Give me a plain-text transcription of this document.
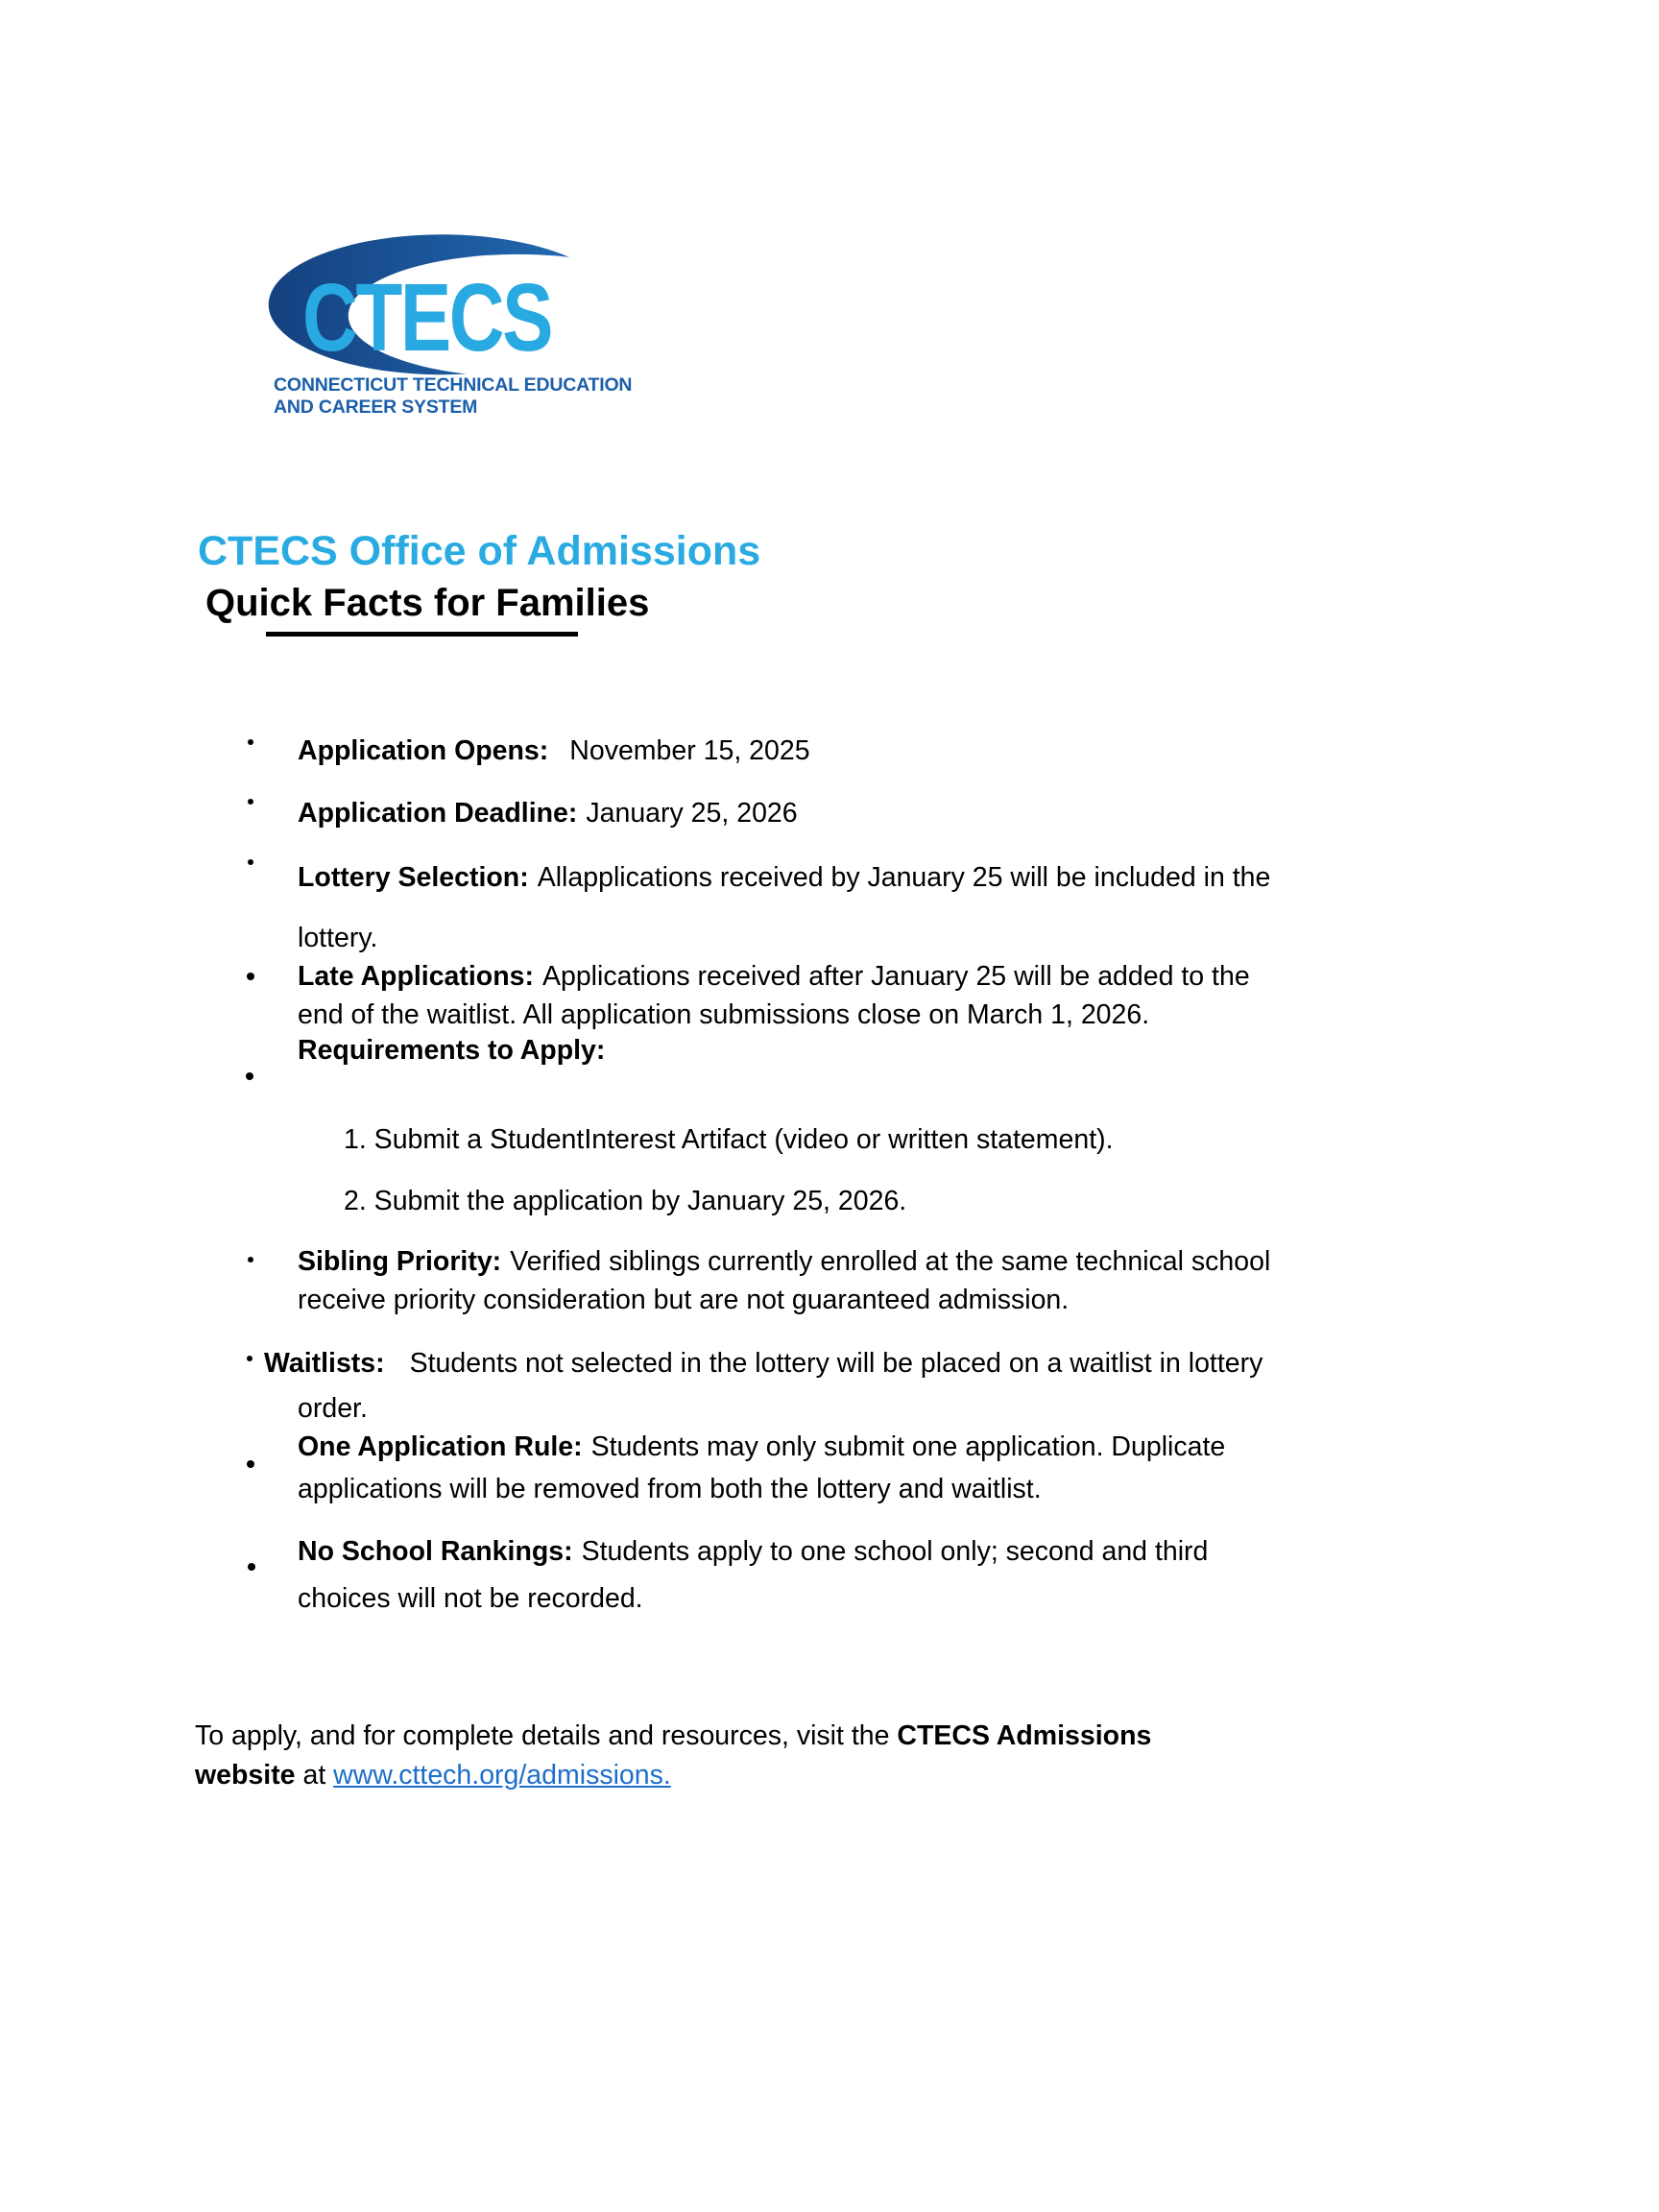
CTECS
CONNECTICUT TECHNICAL EDUCATION
AND CAREER SYSTEM
CTECS Office of Admissions
Quick Facts for Families
Application Opens: November 15, 2025
Application Deadline: January 25, 2026
Lottery Selection: Allapplications received by January 25 will be included in the
lottery.
Late Applications: Applications received after January 25 will be added to the
end of the waitlist. All application submissions close on March 1, 2026.
Requirements to Apply:
1. Submit a StudentInterest Artifact (video or written statement).
2. Submit the application by January 25, 2026.
Sibling Priority: Verified siblings currently enrolled at the same technical school
receive priority consideration but are not guaranteed admission.
Waitlists: Students not selected in the lottery will be placed on a waitlist in lottery
order.
One Application Rule: Students may only submit one application. Duplicate
applications will be removed from both the lottery and waitlist.
No School Rankings: Students apply to one school only; second and third
choices will not be recorded.
To apply, and for complete details and resources, visit the CTECS Admissions
website at www.cttech.org/admissions.
